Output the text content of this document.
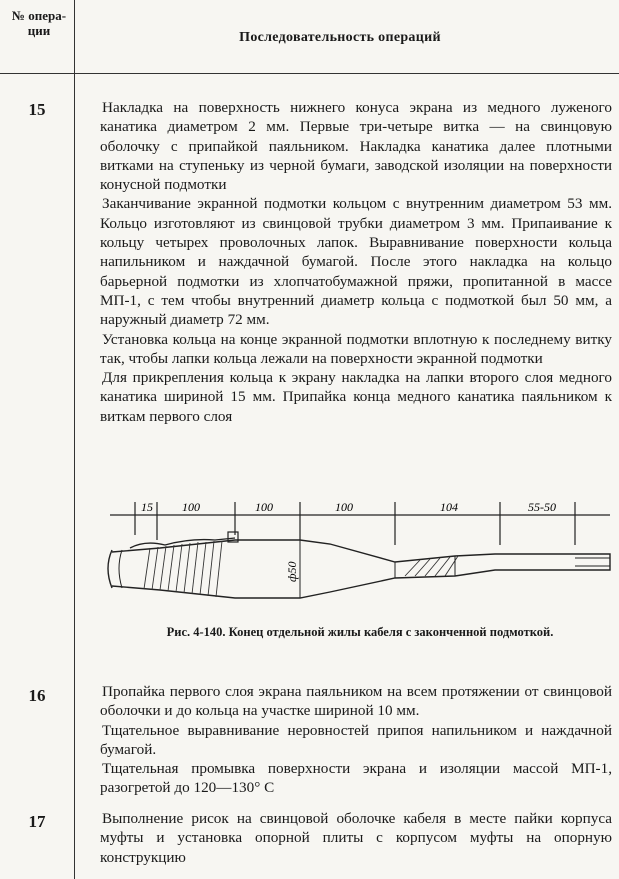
№ опера-ции	Последовательность операций
15	Накладка на поверхность нижнего конуса экрана из медного луженого канатика диаметром 2 мм. Первые три-четыре витка — на свинцовую оболочку с припайкой паяльником. Накладка канатика далее плотными витками на ступеньку из черной бумаги, заводской изоляции на поверхности конусной подмотки

Заканчивание экранной подмотки кольцом с внутренним диаметром 53 мм. Кольцо изготовляют из свинцовой трубки диаметром 3 мм. Припаивание к кольцу четырех проволочных лапок. Выравнивание поверхности кольца напильником и наждачной бумагой. После этого накладка на кольцо барьерной подмотки из хлопчатобумажной пряжи, пропитанной в массе МП-1, с тем чтобы внутренний диаметр кольца с подмоткой был 50 мм, а наружный диаметр 72 мм.

Установка кольца на конце экранной подмотки вплотную к последнему витку так, чтобы лапки кольца лежали на поверхности экранной подмотки

Для прикрепления кольца к экрану накладка на лапки второго слоя медного канатика шириной 15 мм. Припайка конца медного канатика паяльником к виткам первого слоя

15 100	100	100	104	55-50
ф50
Рис. 4-140. Конец отдельной жилы кабеля с законченной подмоткой.
16	Пропайка первого слоя экрана паяльником на всем протяжении от свинцовой оболочки и до кольца на участке шириной 10 мм.

Тщательное выравнивание неровностей припоя напильником и наждачной бумагой.

Тщательная промывка поверхности экрана и изоляции массой МП-1, разогретой до 120—130° С

17	Выполнение рисок на свинцовой оболочке кабеля в месте пайки корпуса муфты и установка опорной плиты с корпусом муфты на опорную конструкцию
